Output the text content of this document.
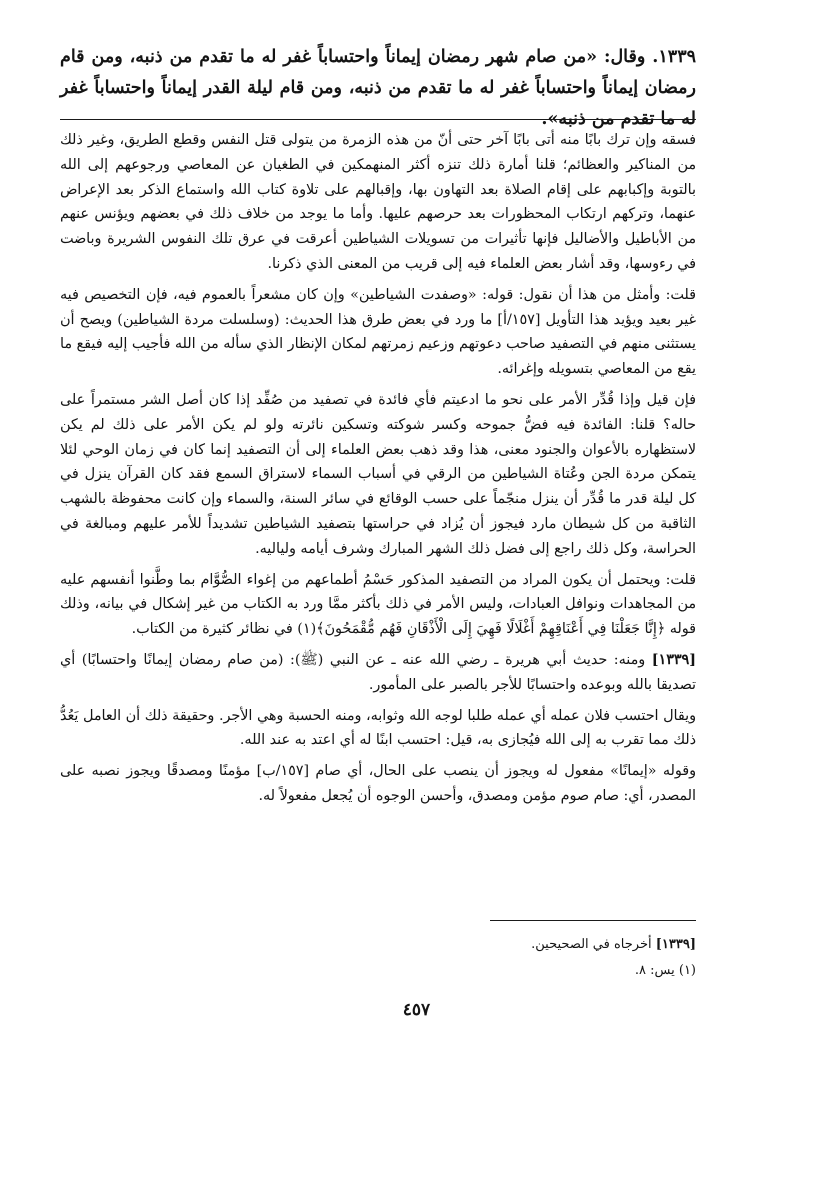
١٣٣٩. وقال: «من صام شهر رمضان إيماناً واحتساباً غفر له ما تقدم من ذنبه، ومن قام رمضان إيماناً واحتساباً غفر له ما تقدم من ذنبه، ومن قام ليلة القدر إيماناً واحتساباً غفر له ما تقدم من ذنبه».

فسقه وإن ترك بابًا منه أتى بابًا آخر حتى أنّ من هذه الزمرة من يتولى قتل النفس وقطع الطريق، وغير ذلك من المناكير والعظائم؛ قلنا أمارة ذلك تنزه أكثر المنهمكين في الطغيان عن المعاصي ورجوعهم إلى الله بالتوبة وإكبابهم على إقام الصلاة بعد التهاون بها، وإقبالهم على تلاوة كتاب الله واستماع الذكر بعد الإعراض عنهما، وتركهم ارتكاب المحظورات بعد حرصهم عليها. وأما ما يوجد من خلاف ذلك في بعضهم ويؤنس عنهم من الأباطيل والأضاليل فإنها تأثيرات من تسويلات الشياطين أعرقت في عرق تلك النفوس الشريرة وباضت في رءوسها، وقد أشار بعض العلماء فيه إلى قريب من المعنى الذي ذكرنا.

قلت: وأمثل من هذا أن نقول: قوله: «وصفدت الشياطين» وإن كان مشعراً بالعموم فيه، فإن التخصيص فيه غير بعيد ويؤيد هذا التأويل [١٥٧/أ] ما ورد في بعض طرق هذا الحديث: (وسلسلت مردة الشياطين) ويصح أن يستثنى منهم في التصفيد صاحب دعوتهم وزعيم زمرتهم لمكان الإنظار الذي سأله من الله فأجيب إليه فيقع ما يقع من المعاصي بتسويله وإغرائه.

فإن قيل وإذا قُدِّر الأمر على نحو ما ادعيتم فأي فائدة في تصفيد من صُفِّد إذا كان أصل الشر مستمراً على حاله؟ قلنا: الفائدة فيه فضُّ جموحه وكسر شوكته وتسكين نائرته ولو لم يكن الأمر على ذلك لم يكن لاستظهاره بالأعوان والجنود معنى، هذا وقد ذهب بعض العلماء إلى أن التصفيد إنما كان في زمان الوحي لئلا يتمكن مردة الجن وعُتاة الشياطين من الرقي في أسباب السماء لاستراق السمع فقد كان القرآن ينزل في كل ليلة قدر ما قُدِّر أن ينزل منجّماً على حسب الوقائع في سائر السنة، والسماء وإن كانت محفوظة بالشهب الثاقبة من كل شيطان مارد فيجوز أن يُزاد في حراستها بتصفيد الشياطين تشديداً للأمر عليهم ومبالغة في الحراسة، وكل ذلك راجع إلى فضل ذلك الشهر المبارك وشرف أيامه ولياليه.

قلت: ويحتمل أن يكون المراد من التصفيد المذكور حَسْمُ أطماعهم من إغواء الصُّوَّام بما وطَّنوا أنفسهم عليه من المجاهدات ونوافل العبادات، وليس الأمر في ذلك بأكثر ممَّا ورد به الكتاب من غير إشكال في بيانه، وذلك قوله ﴿إِنَّا جَعَلْنَا فِي أَعْنَاقِهِمْ أَغْلَالًا فَهِيَ إِلَى الْأَذْقَانِ فَهُم مُّقْمَحُونَ﴾(١) في نظائر كثيرة من الكتاب.

[١٣٣٩] ومنه: حديث أبي هريرة ـ رضي الله عنه ـ عن النبي (ﷺ): (من صام رمضان إيمانًا واحتسابًا) أي تصديقا بالله وبوعده واحتسابًا للأجر بالصبر على المأمور.

ويقال احتسب فلان عمله أي عمله طلبا لوجه الله وثوابه، ومنه الحسبة وهي الأجر. وحقيقة ذلك أن العامل يَعُدُّ ذلك مما تقرب به إلى الله فيُجازى به، قيل: احتسب ابنًا له أي اعتد به عند الله.

وقوله «إيمانًا» مفعول له ويجوز أن ينصب على الحال، أي صام [١٥٧/ب] مؤمنًا ومصدقًا ويجوز نصبه على المصدر، أي: صام صوم مؤمن ومصدق، وأحسن الوجوه أن يُجعل مفعولاً له.

[١٣٣٩] أخرجاه في الصحيحين.
(١) يس: ٨.
٤٥٧
